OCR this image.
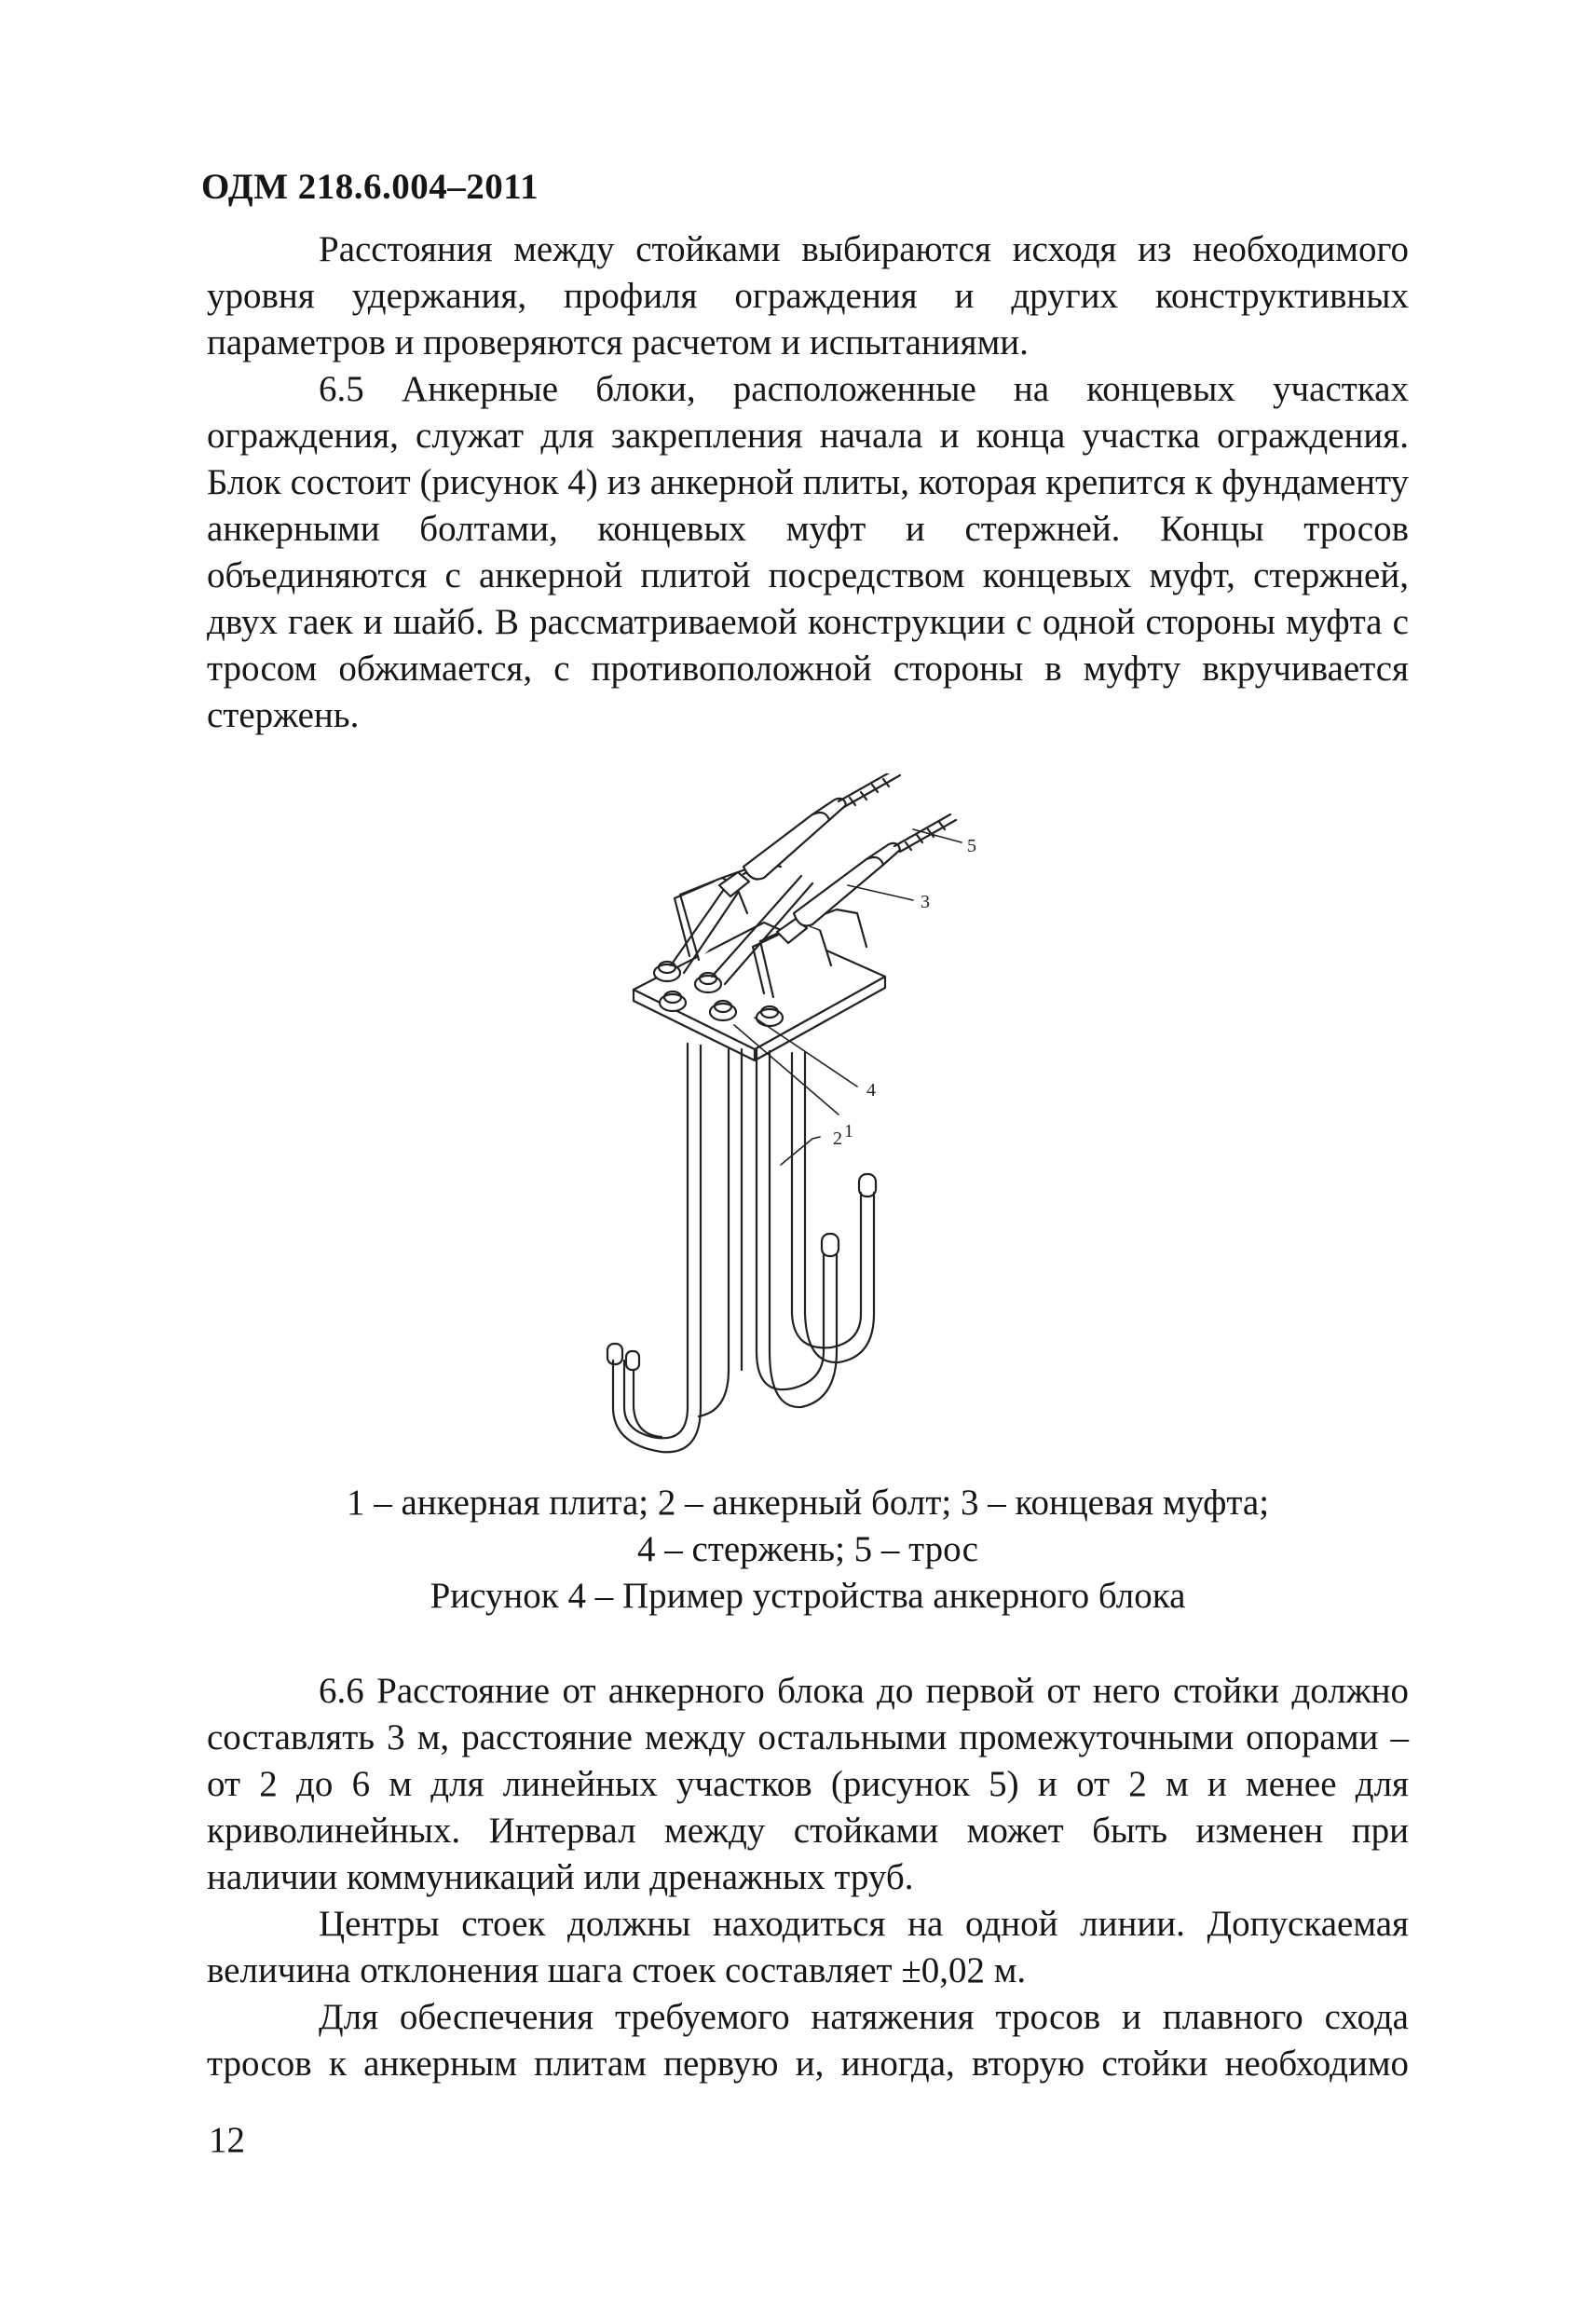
ОДМ 218.6.004–2011

Расстояния между стойками выбираются исходя из необходимого уровня удержания, профиля ограждения и других конструктивных параметров и проверяются расчетом и испытаниями.

6.5 Анкерные блоки, расположенные на концевых участках ограждения, служат для закрепления начала и конца участка ограждения. Блок состоит (рисунок 4) из анкерной плиты, которая крепится к фундаменту анкерными болтами, концевых муфт и стержней. Концы тросов объединяются с анкерной плитой посредством концевых муфт, стержней, двух гаек и шайб. В рассматриваемой конструкции с одной стороны муфта с тросом обжимается, с противоположной стороны в муфту вкручивается стержень.

1
4
2
3
5
1 – анкерная плита; 2 – анкерный болт; 3 – концевая муфта;
4 – стержень; 5 – трос
Рисунок 4 – Пример устройства анкерного блока

6.6 Расстояние от анкерного блока до первой от него стойки должно составлять 3 м, расстояние между остальными промежуточными опорами – от 2 до 6 м для линейных участков (рисунок 5) и от 2 м и менее для криволинейных. Интервал между стойками может быть изменен при наличии коммуникаций или дренажных труб.

Центры стоек должны находиться на одной линии. Допускаемая величина отклонения шага стоек составляет ±0,02 м.

Для обеспечения требуемого натяжения тросов и плавного схода тросов к анкерным плитам первую и, иногда, вторую стойки необходимо

12
